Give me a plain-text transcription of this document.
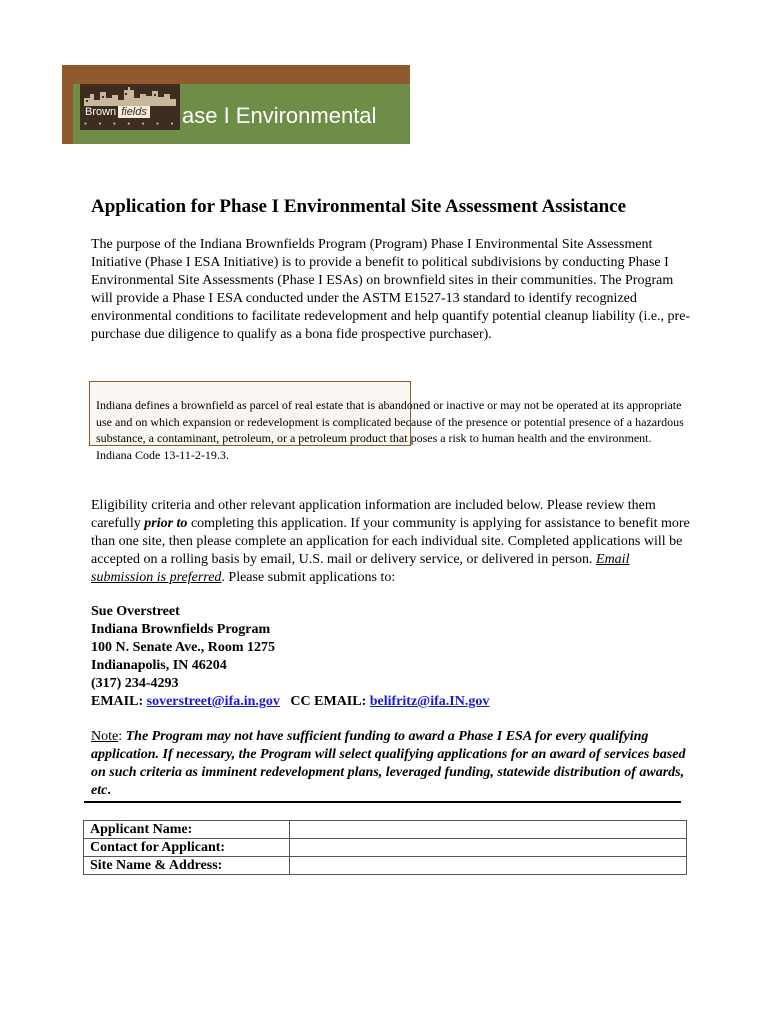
ase I Environmental
Brown fields
● ● ● ● ● ● ●
Application for Phase I Environmental Site Assessment Assistance

The purpose of the Indiana Brownfields Program (Program) Phase I Environmental Site Assessment Initiative (Phase I ESA Initiative) is to provide a benefit to political subdivisions by conducting Phase I Environmental Site Assessments (Phase I ESAs) on brownfield sites in their communities. The Program will provide a Phase I ESA conducted under the ASTM E1527-13 standard to identify recognized environmental conditions to facilitate redevelopment and help quantify potential cleanup liability (i.e., pre-purchase due diligence to qualify as a bona fide prospective purchaser).

Indiana defines a brownfield as parcel of real estate that is abandoned or inactive or may not be operated at its appropriate use and on which expansion or redevelopment is complicated because of the presence or potential presence of a hazardous substance, a contaminant, petroleum, or a petroleum product that poses a risk to human health and the environment. Indiana Code 13-11-2-19.3.

Eligibility criteria and other relevant application information are included below. Please review them carefully prior to completing this application. If your community is applying for assistance to benefit more than one site, then please complete an application for each individual site. Completed applications will be accepted on a rolling basis by email, U.S. mail or delivery service, or delivered in person. Email submission is preferred. Please submit applications to:

Sue Overstreet
Indiana Brownfields Program
100 N. Senate Ave., Room 1275
Indianapolis, IN 46204
(317) 234-4293
EMAIL: soverstreet@ifa.in.gov   CC EMAIL: belifritz@ifa.IN.gov

Note: The Program may not have sufficient funding to award a Phase I ESA for every qualifying application. If necessary, the Program will select qualifying applications for an award of services based on such criteria as imminent redevelopment plans, leveraged funding, statewide distribution of awards, etc.

Applicant Name:	
Contact for Applicant:	
Site Name & Address:	
